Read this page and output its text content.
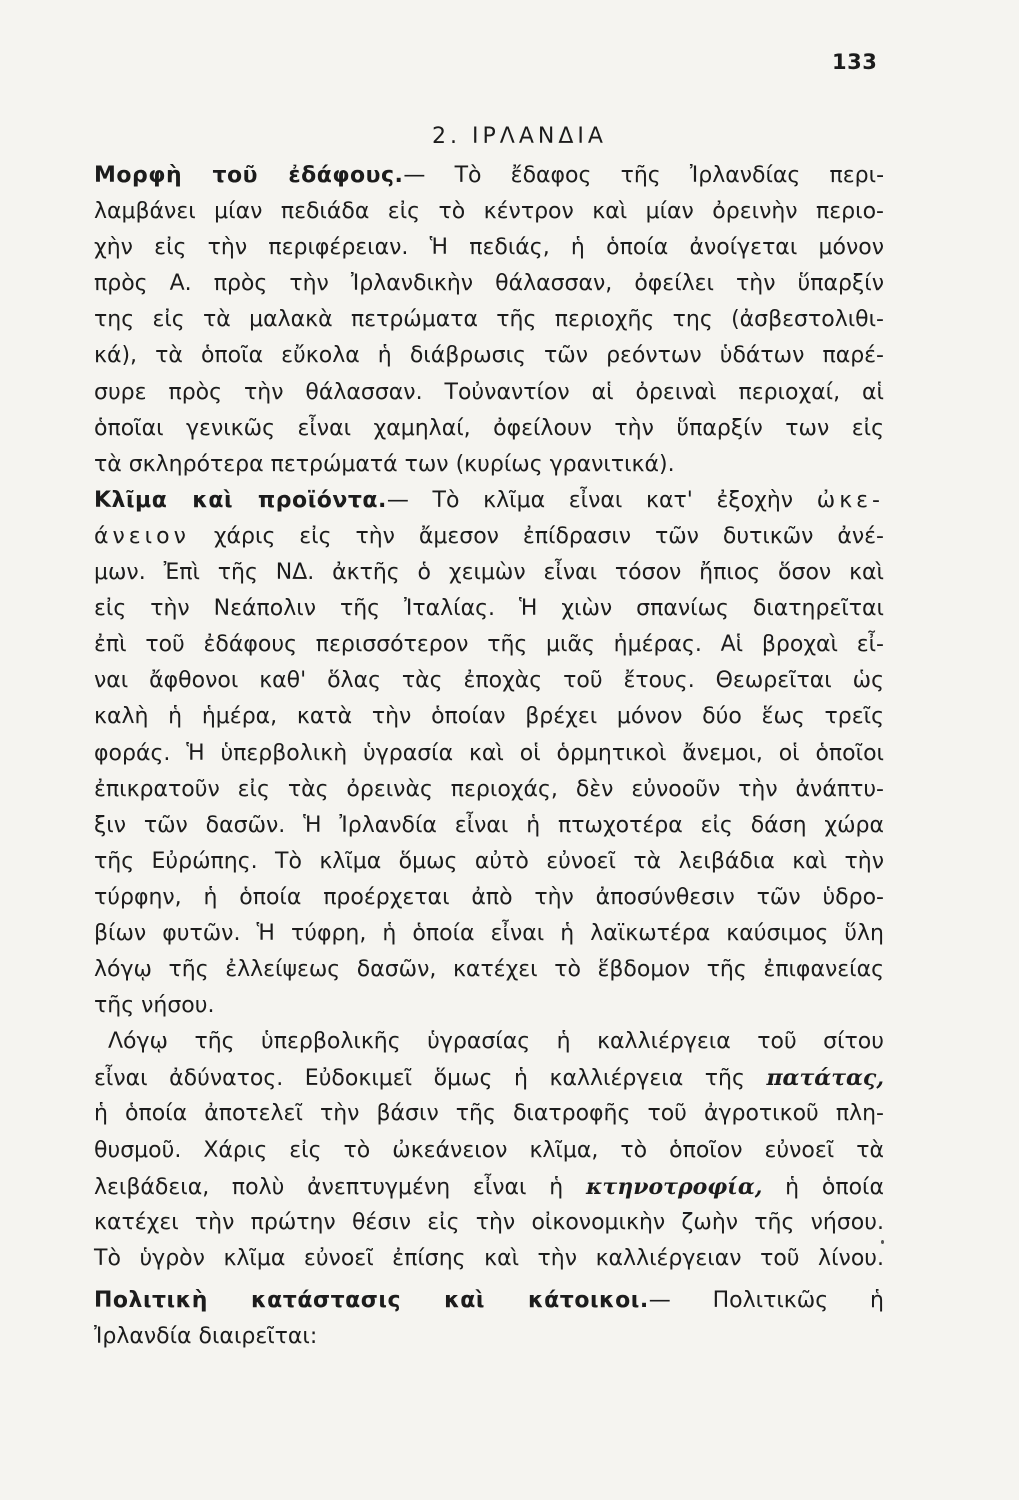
133
2. ΙΡΛΑΝΔΙΑ
Μορφὴ τοῦ ἐδάφους.— Τὸ ἔδαφος τῆς Ἰρλανδίας περι-
λαμβάνει μίαν πεδιάδα εἰς τὸ κέντρον καὶ μίαν ὀρεινὴν περιο-
χὴν εἰς τὴν περιφέρειαν. Ἡ πεδιάς, ἡ ὁποία ἀνοίγεται μόνον
πρὸς Α. πρὸς τὴν Ἰρλανδικὴν θάλασσαν, ὀφείλει τὴν ὕπαρξίν
της εἰς τὰ μαλακὰ πετρώματα τῆς περιοχῆς της (ἀσβεστολιθι-
κά), τὰ ὁποῖα εὔκολα ἡ διάβρωσις τῶν ρεόντων ὑδάτων παρέ-
συρε πρὸς τὴν θάλασσαν. Τοὐναντίον αἱ ὀρειναὶ περιοχαί, αἱ
ὁποῖαι γενικῶς εἶναι χαμηλαί, ὀφείλουν τὴν ὕπαρξίν των εἰς
τὰ σκληρότερα πετρώματά των (κυρίως γρανιτικά).
Κλῖμα καὶ προϊόντα.— Τὸ κλῖμα εἶναι κατ' ἐξοχὴν ὠκε-
άνειον χάρις εἰς τὴν ἄμεσον ἐπίδρασιν τῶν δυτικῶν ἀνέ-
μων. Ἐπὶ τῆς ΝΔ. ἀκτῆς ὁ χειμὼν εἶναι τόσον ἤπιος ὅσον καὶ
εἰς τὴν Νεάπολιν τῆς Ἰταλίας. Ἡ χιὼν σπανίως διατηρεῖται
ἐπὶ τοῦ ἐδάφους περισσότερον τῆς μιᾶς ἡμέρας. Αἱ βροχαὶ εἶ-
ναι ἄφθονοι καθ' ὅλας τὰς ἐποχὰς τοῦ ἔτους. Θεωρεῖται ὡς
καλὴ ἡ ἡμέρα, κατὰ τὴν ὁποίαν βρέχει μόνον δύο ἕως τρεῖς
φοράς. Ἡ ὑπερβολικὴ ὑγρασία καὶ οἱ ὁρμητικοὶ ἄνεμοι, οἱ ὁποῖοι
ἐπικρατοῦν εἰς τὰς ὀρεινὰς περιοχάς, δὲν εὐνοοῦν τὴν ἀνάπτυ-
ξιν τῶν δασῶν. Ἡ Ἰρλανδία εἶναι ἡ πτωχοτέρα εἰς δάση χώρα
τῆς Εὐρώπης. Τὸ κλῖμα ὅμως αὐτὸ εὐνοεῖ τὰ λειβάδια καὶ τὴν
τύρφην, ἡ ὁποία προέρχεται ἀπὸ τὴν ἀποσύνθεσιν τῶν ὑδρο-
βίων φυτῶν. Ἡ τύφρη, ἡ ὁποία εἶναι ἡ λαϊκωτέρα καύσιμος ὕλη
λόγῳ τῆς ἐλλείψεως δασῶν, κατέχει τὸ ἕβδομον τῆς ἐπιφανείας
τῆς νήσου.
Λόγῳ τῆς ὑπερβολικῆς ὑγρασίας ἡ καλλιέργεια τοῦ σίτου
εἶναι ἀδύνατος. Εὐδοκιμεῖ ὅμως ἡ καλλιέργεια τῆς πατάτας,
ἡ ὁποία ἀποτελεῖ τὴν βάσιν τῆς διατροφῆς τοῦ ἀγροτικοῦ πλη-
θυσμοῦ. Χάρις εἰς τὸ ὠκεάνειον κλῖμα, τὸ ὁποῖον εὐνοεῖ τὰ
λειβάδεια, πολὺ ἀνεπτυγμένη εἶναι ἡ κτηνοτροφία, ἡ ὁποία
κατέχει τὴν πρώτην θέσιν εἰς τὴν οἰκονομικὴν ζωὴν τῆς νήσου.
Τὸ ὑγρὸν κλῖμα εὐνοεῖ ἐπίσης καὶ τὴν καλλιέργειαν τοῦ λίνου.
Πολιτικὴ κατάστασις καὶ κάτοικοι.— Πολιτικῶς ἡ
Ἰρλανδία διαιρεῖται:
